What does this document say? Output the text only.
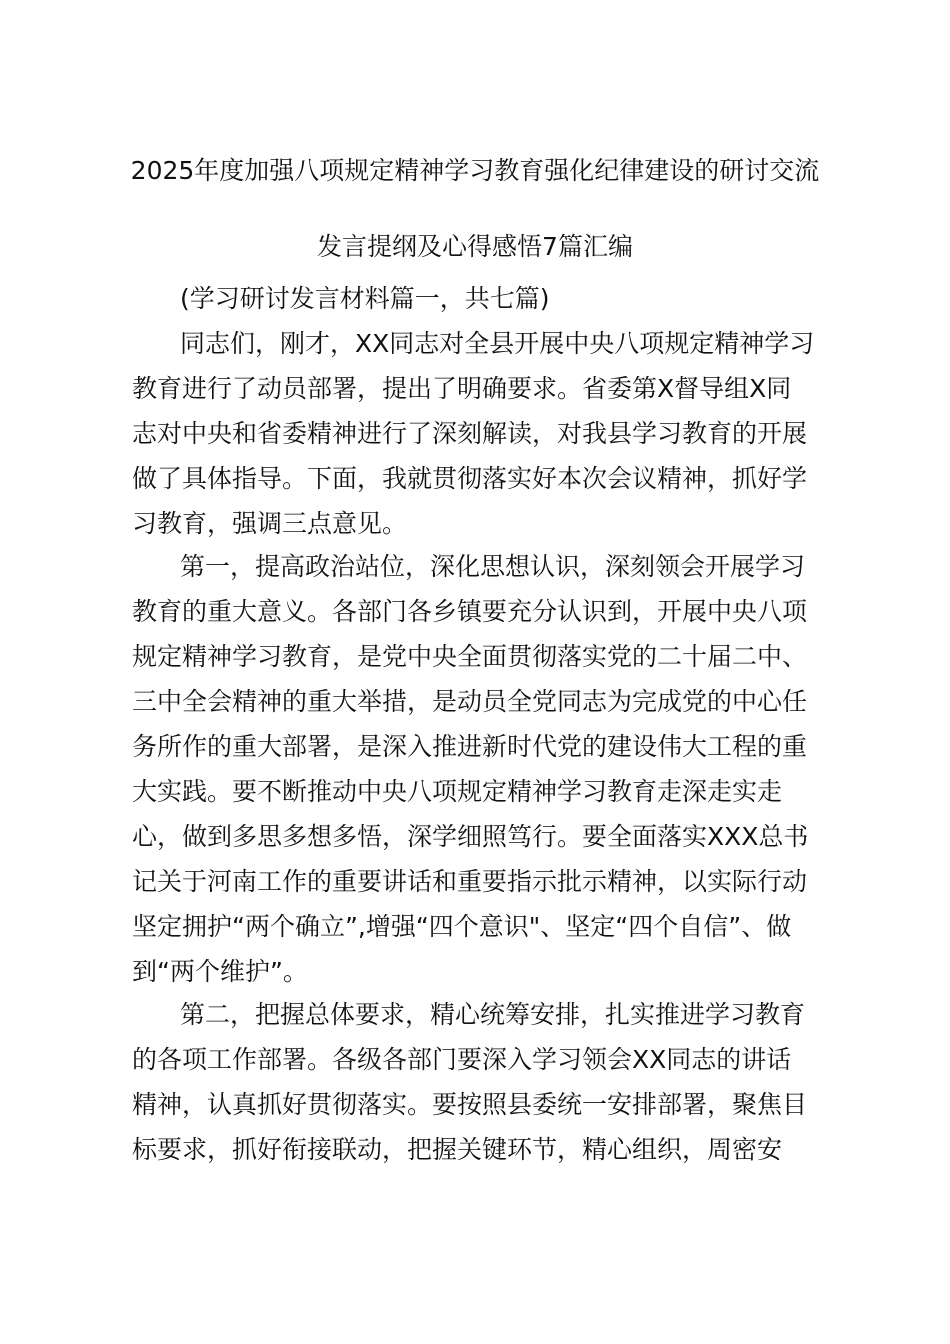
2025年度加强八项规定精神学习教育强化纪律建设的研讨交流
发言提纲及心得感悟7篇汇编
(学习研讨发言材料篇一，共七篇)
同志们，刚才，XX同志对全县开展中央八项规定精神学习
教育进行了动员部署，提出了明确要求。省委第X督导组X同
志对中央和省委精神进行了深刻解读，对我县学习教育的开展
做了具体指导。下面，我就贯彻落实好本次会议精神，抓好学
习教育，强调三点意见。
第一，提高政治站位，深化思想认识，深刻领会开展学习
教育的重大意义。各部门各乡镇要充分认识到，开展中央八项
规定精神学习教育，是党中央全面贯彻落实党的二十届二中、
三中全会精神的重大举措，是动员全党同志为完成党的中心任
务所作的重大部署，是深入推进新时代党的建设伟大工程的重
大实践。要不断推动中央八项规定精神学习教育走深走实走
心，做到多思多想多悟，深学细照笃行。要全面落实XXX总书
记关于河南工作的重要讲话和重要指示批示精神，以实际行动
坚定拥护“两个确立”,增强“四个意识"、坚定“四个自信”、做
到“两个维护”。
第二，把握总体要求，精心统筹安排，扎实推进学习教育
的各项工作部署。各级各部门要深入学习领会XX同志的讲话
精神，认真抓好贯彻落实。要按照县委统一安排部署，聚焦目
标要求，抓好衔接联动，把握关键环节，精心组织，周密安
